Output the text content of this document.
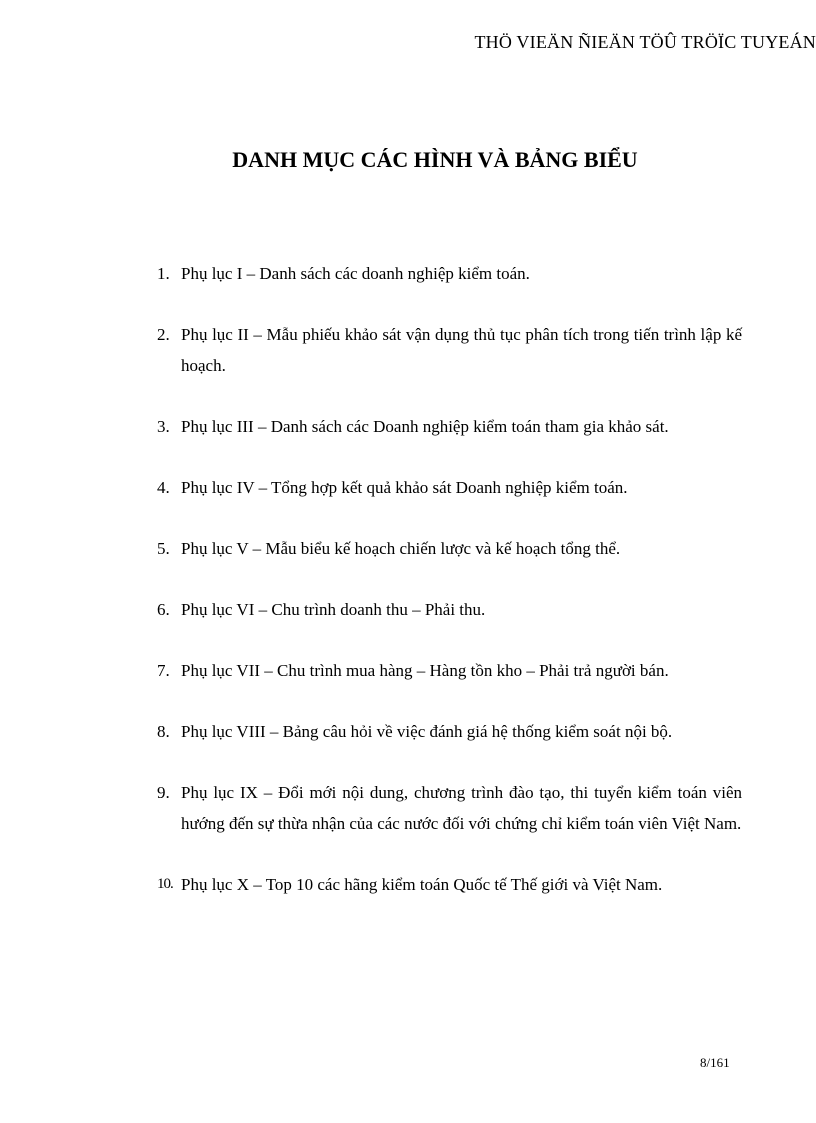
THÖ VIEÄN ÑIEÄN TÖÛ TRÖÏC TUYEÁN
DANH MỤC CÁC HÌNH VÀ BẢNG BIỂU
1. Phụ lục I – Danh sách các doanh nghiệp kiểm toán.
2. Phụ lục II – Mẫu phiếu khảo sát vận dụng thủ tục phân tích trong tiến trình lập kế hoạch.
3. Phụ lục III – Danh sách các Doanh nghiệp kiểm toán tham gia khảo sát.
4. Phụ lục IV – Tổng hợp kết quả khảo sát Doanh nghiệp kiểm toán.
5. Phụ lục V – Mẫu biểu kế hoạch chiến lược và kế hoạch tổng thể.
6. Phụ lục VI – Chu trình doanh thu – Phải thu.
7. Phụ lục VII – Chu trình mua hàng – Hàng tồn kho – Phải trả người bán.
8. Phụ lục VIII – Bảng câu hỏi về việc đánh giá hệ thống kiểm soát nội bộ.
9. Phụ lục IX – Đổi mới nội dung, chương trình đào tạo, thi tuyển kiểm toán viên hướng đến sự thừa nhận của các nước đối với chứng chỉ kiểm toán viên Việt Nam.
10. Phụ lục X – Top 10 các hãng kiểm toán Quốc tế Thế giới và Việt Nam.
8/161
